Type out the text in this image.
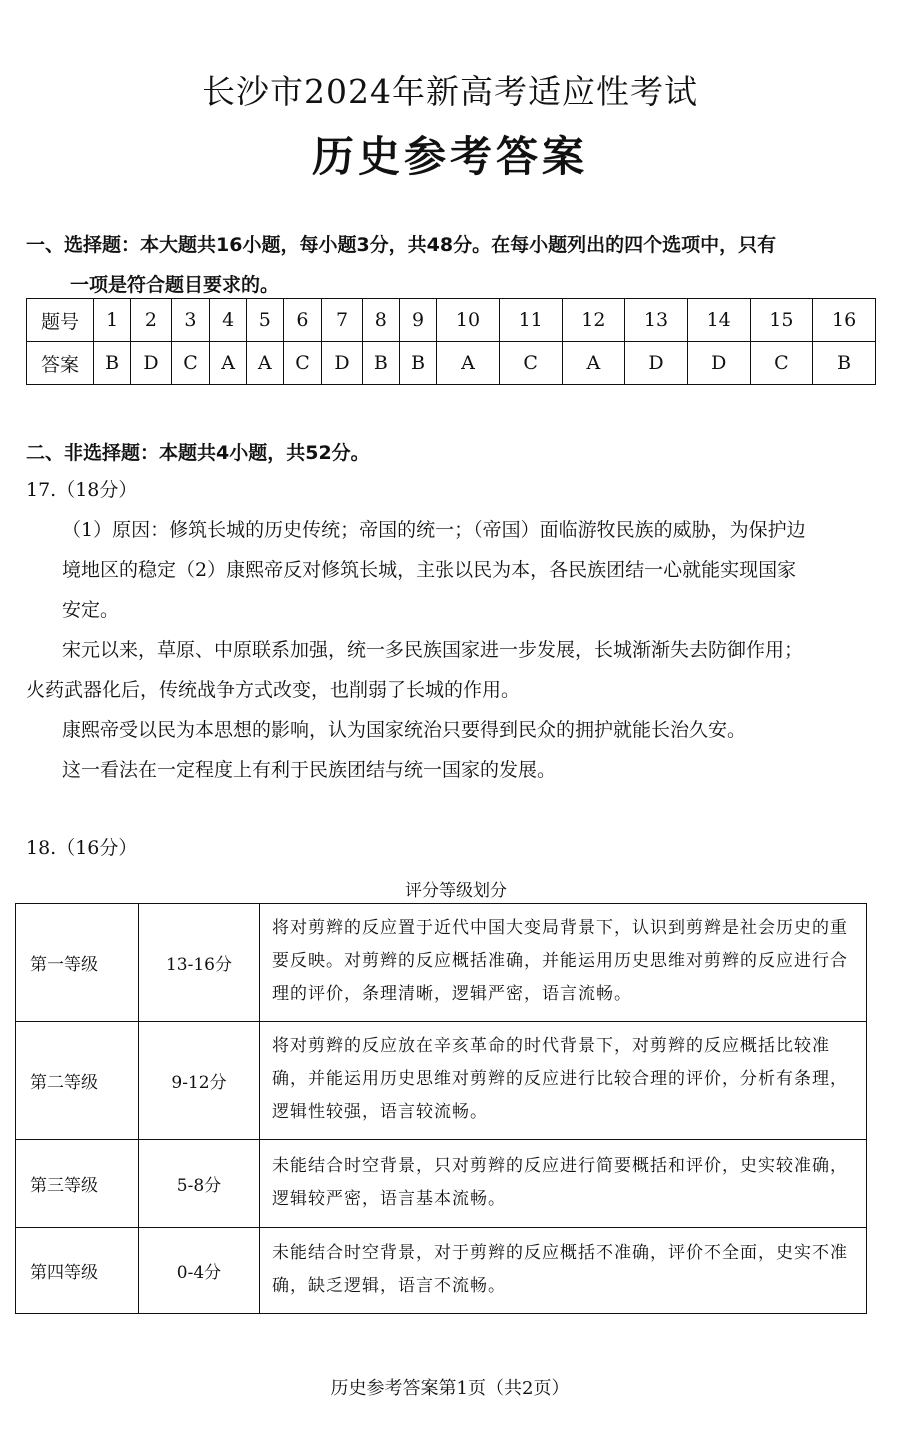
长沙市2024年新高考适应性考试
历史参考答案
一、选择题：本大题共16小题，每小题3分，共48分。在每小题列出的四个选项中，只有
一项是符合题目要求的。
题号	1	2	3	4	5	6	7	8	9	10	11	12	13	14	15	16
答案	B	D	C	A	A	C	D	B	B	A	C	A	D	D	C	B
二、非选择题：本题共4小题，共52分。
17.（18分）
（1）原因：修筑长城的历史传统；帝国的统一；（帝国）面临游牧民族的威胁，为保护边
境地区的稳定（2）康熙帝反对修筑长城，主张以民为本，各民族团结一心就能实现国家
安定。
宋元以来，草原、中原联系加强，统一多民族国家进一步发展，长城渐渐失去防御作用；
火药武器化后，传统战争方式改变，也削弱了长城的作用。
康熙帝受以民为本思想的影响，认为国家统治只要得到民众的拥护就能长治久安。
这一看法在一定程度上有利于民族团结与统一国家的发展。
18.（16分）
评分等级划分
第一等级	13-16分	将对剪辫的反应置于近代中国大变局背景下，认识到剪辫是社会历史的重要反映。对剪辫的反应概括准确，并能运用历史思维对剪辫的反应进行合理的评价，条理清晰，逻辑严密，语言流畅。
第二等级	9-12分	将对剪辫的反应放在辛亥革命的时代背景下，对剪辫的反应概括比较准确，并能运用历史思维对剪辫的反应进行比较合理的评价，分析有条理，逻辑性较强，语言较流畅。
第三等级	5-8分	未能结合时空背景，只对剪辫的反应进行简要概括和评价，史实较准确，逻辑较严密，语言基本流畅。
第四等级	0-4分	未能结合时空背景，对于剪辫的反应概括不准确，评价不全面，史实不准确，缺乏逻辑，语言不流畅。
历史参考答案第1页（共2页）
